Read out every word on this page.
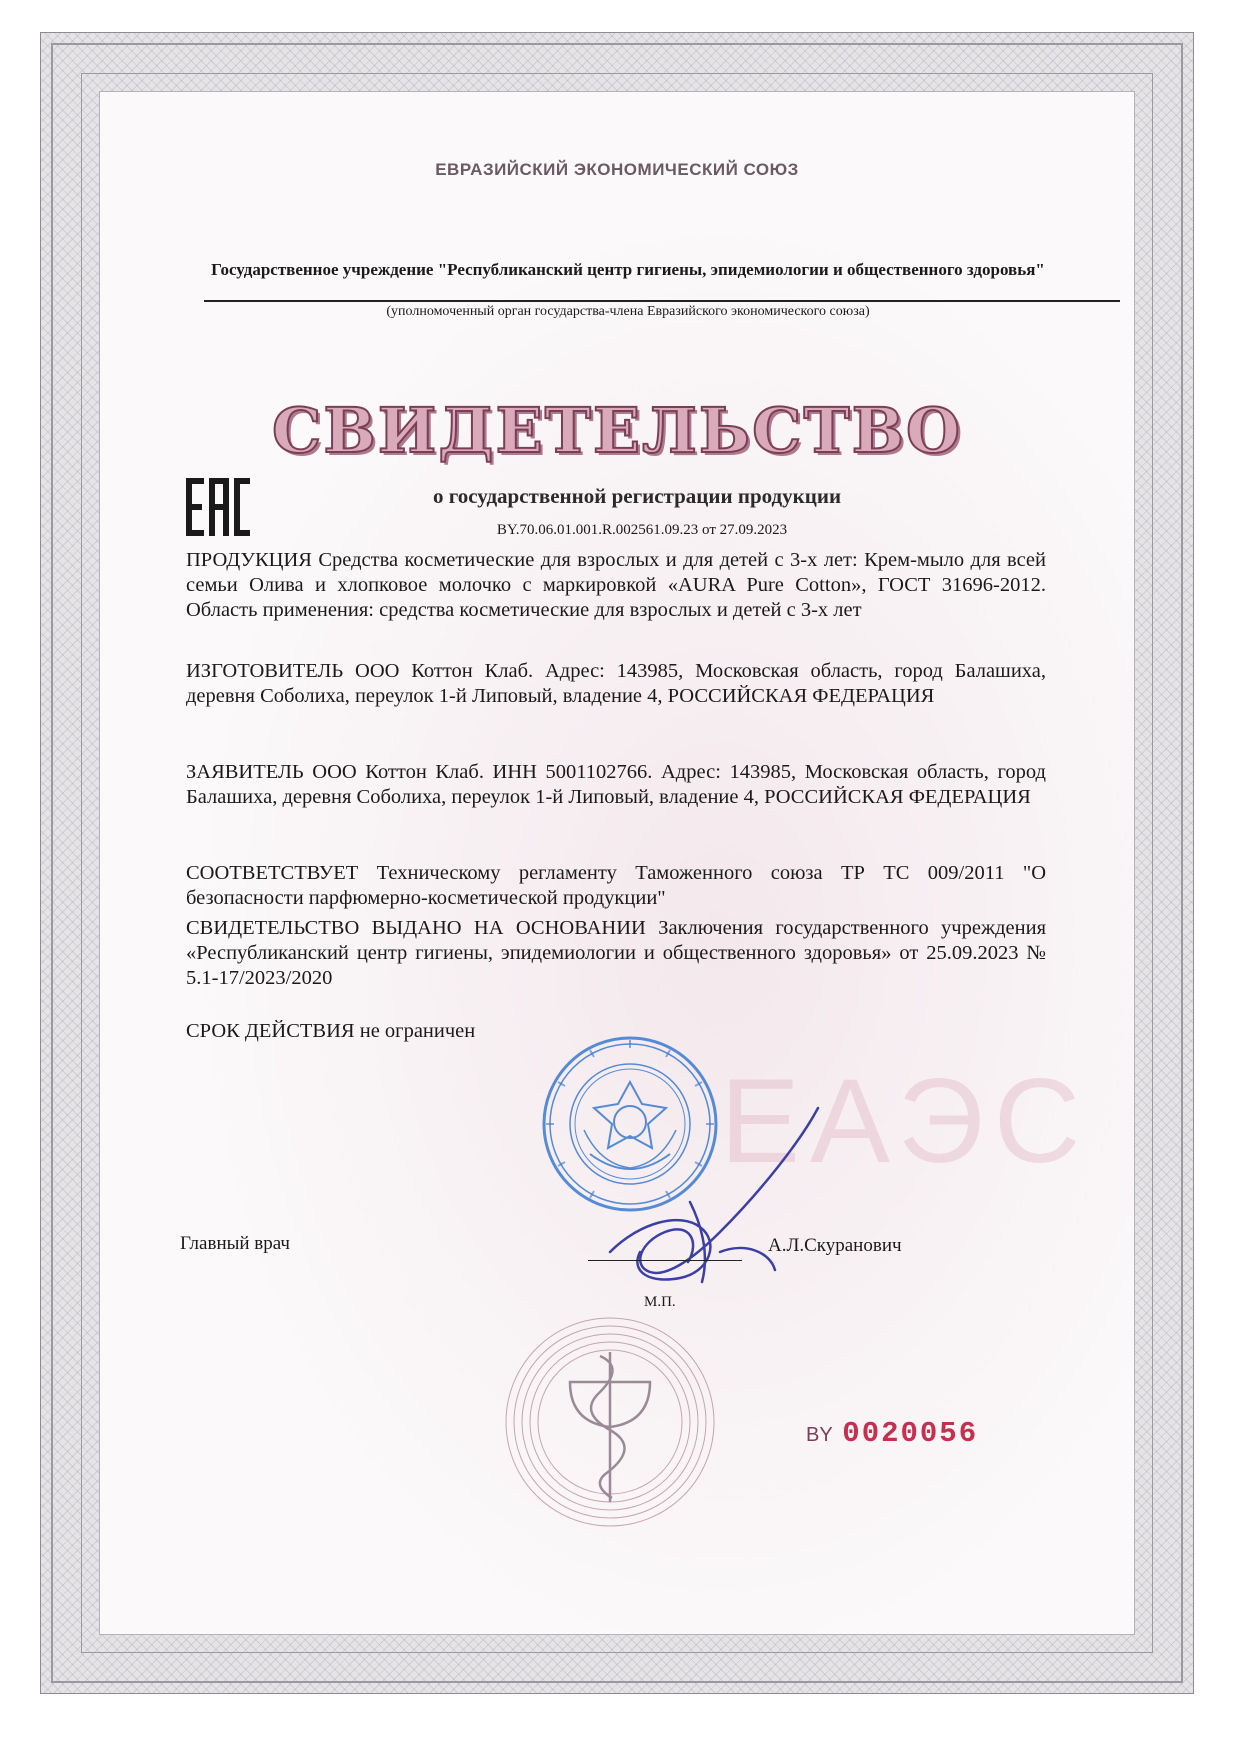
ЕАЭС
ЕВРАЗИЙСКИЙ ЭКОНОМИЧЕСКИЙ СОЮЗ
Государственное учреждение "Республиканский центр гигиены, эпидемиологии и общественного здоровья"
(уполномоченный орган государства-члена Евразийского экономического союза)
СВИДЕТЕЛЬСТВО
о государственной регистрации продукции
BY.70.06.01.001.R.002561.09.23 от 27.09.2023
ПРОДУКЦИЯ Средства косметические для взрослых и для детей с 3-х лет: Крем-мыло для всей семьи Олива и хлопковое молочко с маркировкой «AURA Pure Cotton», ГОСТ 31696-2012. Область применения: средства косметические для взрослых и детей с 3-х лет
ИЗГОТОВИТЕЛЬ ООО Коттон Клаб. Адрес: 143985, Московская область, город Балашиха, деревня Соболиха, переулок 1-й Липовый, владение 4, РОССИЙСКАЯ ФЕДЕРАЦИЯ
ЗАЯВИТЕЛЬ ООО Коттон Клаб. ИНН 5001102766. Адрес: 143985, Московская область, город Балашиха, деревня Соболиха, переулок 1-й Липовый, владение 4, РОССИЙСКАЯ ФЕДЕРАЦИЯ
СООТВЕТСТВУЕТ Техническому регламенту Таможенного союза ТР ТС 009/2011 "О безопасности парфюмерно-косметической продукции"
СВИДЕТЕЛЬСТВО ВЫДАНО НА ОСНОВАНИИ Заключения государственного учреждения «Республиканский центр гигиены, эпидемиологии и общественного здоровья» от 25.09.2023 № 5.1-17/2023/2020
СРОК ДЕЙСТВИЯ не ограничен
Главный врач	А.Л.Скуранович
М.П.
BY 0020056
